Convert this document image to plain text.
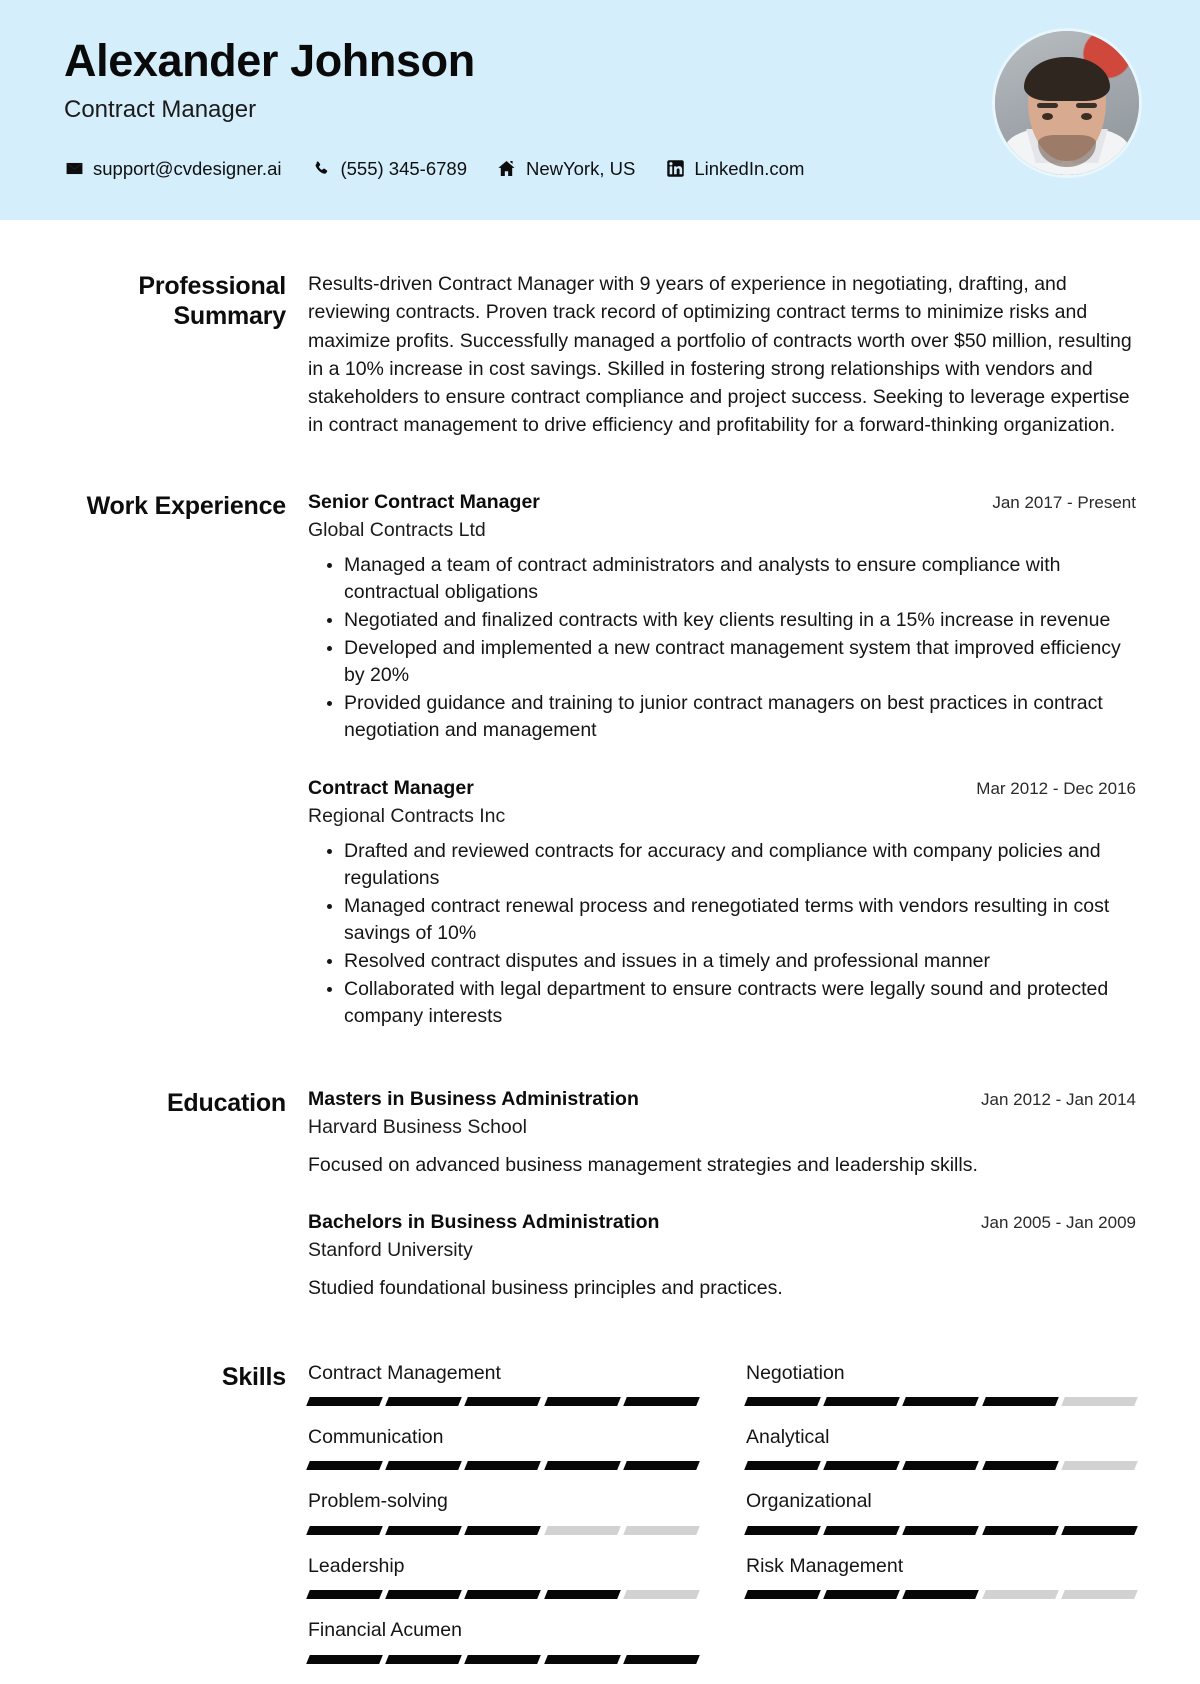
Alexander Johnson
Contract Manager
support@cvdesigner.ai	(555) 345-6789	NewYork, US	LinkedIn.com
Professional Summary
Results-driven Contract Manager with 9 years of experience in negotiating, drafting, and reviewing contracts. Proven track record of optimizing contract terms to minimize risks and maximize profits. Successfully managed a portfolio of contracts worth over $50 million, resulting in a 10% increase in cost savings. Skilled in fostering strong relationships with vendors and stakeholders to ensure contract compliance and project success. Seeking to leverage expertise in contract management to drive efficiency and profitability for a forward-thinking organization.
Work Experience Senior Contract Manager	Jan 2017 - Present
Global Contracts Ltd
• Managed a team of contract administrators and analysts to ensure compliance with contractual obligations
• Negotiated and finalized contracts with key clients resulting in a 15% increase in revenue
• Developed and implemented a new contract management system that improved efficiency by 20%
• Provided guidance and training to junior contract managers on best practices in contract negotiation and management
Contract Manager	Mar 2012 - Dec 2016
Regional Contracts Inc
• Drafted and reviewed contracts for accuracy and compliance with company policies and regulations
• Managed contract renewal process and renegotiated terms with vendors resulting in cost savings of 10%
• Resolved contract disputes and issues in a timely and professional manner
• Collaborated with legal department to ensure contracts were legally sound and protected company interests
Education Masters in Business Administration	Jan 2012 - Jan 2014
Harvard Business School
Focused on advanced business management strategies and leadership skills.
Bachelors in Business Administration	Jan 2005 - Jan 2009
Stanford University
Studied foundational business principles and practices.
Skills Contract Management	Negotiation
Communication	Analytical
Problem-solving	Organizational
Leadership	Risk Management
Financial Acumen
